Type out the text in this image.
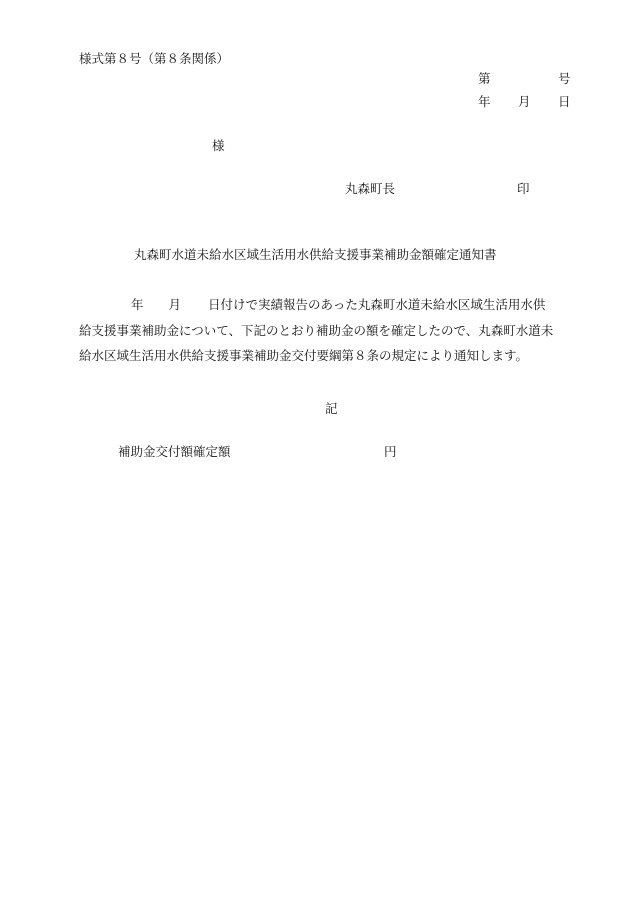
様式第８号（第８条関係）
第	号
年 月 日
様
丸森町長	印
丸森町水道未給水区域生活用水供給支援事業補助金額確定通知書
年 月 日付けで実績報告のあった丸森町水道未給水区域生活用水供給支援事業補助金について、下記のとおり補助金の額を確定したので、丸森町水道未給水区域生活用水供給支援事業補助金交付要綱第８条の規定により通知します。
記
補助金交付額確定額	円
